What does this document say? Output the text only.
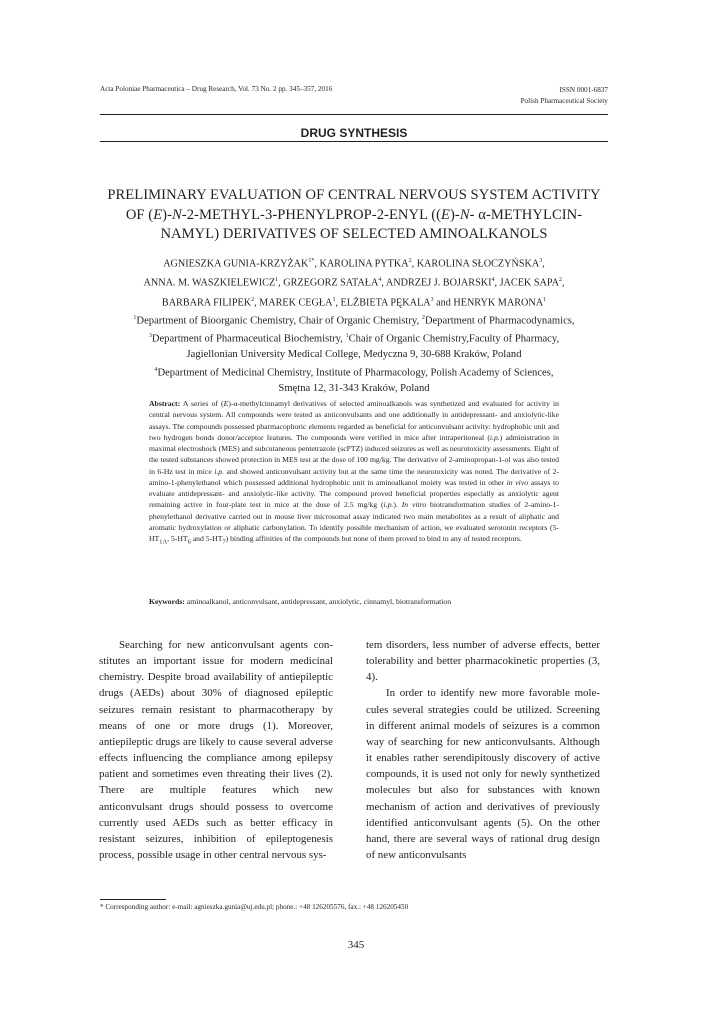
Acta Poloniae Pharmaceutica – Drug Research, Vol. 73 No. 2 pp. 345–357, 2016	ISSN 0001-6837
Polish Pharmaceutical Society
DRUG SYNTHESIS
PRELIMINARY EVALUATION OF CENTRAL NERVOUS SYSTEM ACTIVITY
OF (E)-N-2-METHYL-3-PHENYLPROP-2-ENYL ((E)-N- α-METHYLCIN-
NAMYL) DERIVATIVES OF SELECTED AMINOALKANOLS
AGNIESZKA GUNIA-$KRZYŻAK^{1*}$, KAROLINA PYTKA$^2$, KAROLINA SŁOCZYŃSKA$^3$,
ANNA. M. WASZKIELEWICZ$^1$, GRZEGORZ SATAŁA$^4$, ANDRZEJ J. BOJARSKI$^4$, JACEK SAPA$^2$,
BARBARA FILIPEK$^2$, MAREK CEGŁA$^1$, ELŻBIETA PĘKALA$^3$ and HENRYK MARONA$^1$
$^1$Department of Bioorganic Chemistry, Chair of Organic Chemistry, $^2$Department of Pharmacodynamics,
$^3$Department of Pharmaceutical Biochemistry, $^1$Chair of Organic Chemistry,Faculty of Pharmacy,
Jagiellonian University Medical College, Medyczna 9, 30-688 Kraków, Poland
$^4$Department of Medicinal Chemistry, Institute of Pharmacology, Polish Academy of Sciences,
Smętna 12, 31-343 Kraków, Poland
Abstract: A series of (E)-α-methylcinnamyl derivatives of selected aminoalkanols was synthetized and evaluated for activity in central nervous system. All compounds were tested as anticonvulsants and one additionally in antidepressant- and anxiolytic-like assays. The compounds possessed pharmacophoric elements regarded as beneficial for anticonvulsant activity: hydrophobic unit and two hydrogen bonds donor/acceptor features. The compounds were verified in mice after intraperitoneal (i.p.) administration in maximal electroshock (MES) and subcutaneous pentetrazole (scPTZ) induced seizures as well as neurotoxicity assessments. Eight of the tested substances showed protection in MES test at the dose of 100 mg/kg. The derivative of 2-aminopropan-1-ol was also tested in 6-Hz test in mice i.p. and showed anticonvulsant activity but at the same time the neurotoxicity was noted. The derivative of 2-amino-1-phenylethanol which possessed additional hydrophobic unit in aminoalkanol moiety was tested in other in vivo assays to evaluate antidepressant- and anxiolytic-like activity. The compound proved beneficial properties especially as anxiolytic agent remaining active in four-plate test in mice at the dose of 2.5 mg/kg (i.p.). In vitro biotransformation studies of 2-amino-1-phenylethanol derivative carried out in mouse liver microsomal assay indicated two main metabolites as a result of aliphatic and aromatic hydroxylation or aliphatic carbonylation. To identify possible mechanism of action, we evaluated serotonin receptors ($5-HT_{1A}$, $5-HT_6$ and $5-HT_7$) binding affinities of the compounds but none of them proved to bind to any of tested receptors.
Keywords: aminoalkanol, anticonvulsant, antidepressant, anxiolytic, cinnamyl, biotransformation

Searching for new anticonvulsant agents constitutes an important issue for modern medicinal chemistry. Despite broad availability of antiepileptic drugs (AEDs) about 30% of diagnosed epileptic seizures remain resistant to pharmacotherapy by means of one or more drugs (1). Moreover, antiepileptic drugs are likely to cause several adverse effects influencing the compliance among epilepsy patient and sometimes even threating their lives (2). There are multiple features which new anticonvulsant drugs should possess to overcome currently used AEDs such as better efficacy in resistant seizures, inhibition of epileptogenesis process, possible usage in other central nervous sys-

tem disorders, less number of adverse effects, better tolerability and better pharmacokinetic properties (3, 4).

In order to identify new more favorable molecules several strategies could be utilized. Screening in different animal models of seizures is a common way of searching for new anticonvulsants. Although it enables rather serendipitously discovery of active compounds, it is used not only for newly synthetized molecules but also for substances with known mechanism of action and derivatives of previously identified anticonvulsant agents (5). On the other hand, there are several ways of rational drug design of new anticonvulsants

* Corresponding author: e-mail: agnieszka.gunia@uj.edu.pl; phone.: +48 126205576, fax.: +48 126205450
345
